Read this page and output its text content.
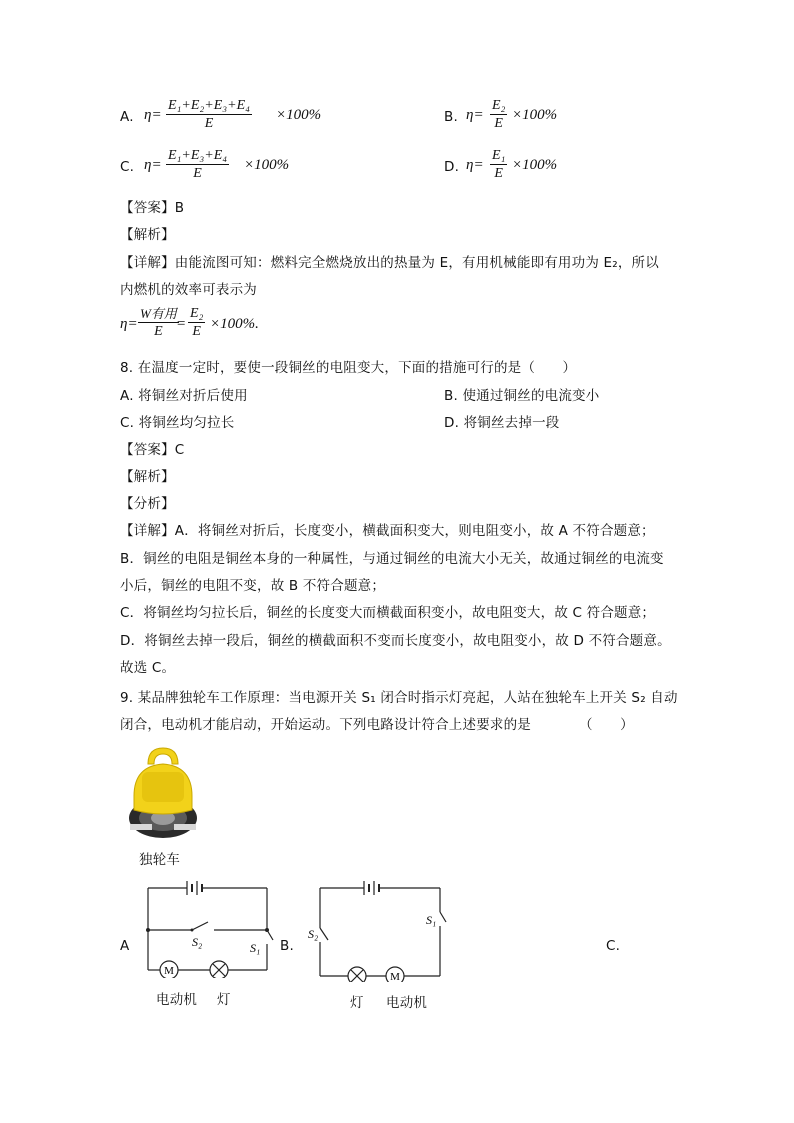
A. η=
E₁+E₂+E₃+E₄
E
×100%	B. η=
E₂
E
×100%
C. η=
E₁+E₃+E₄
E
×100%	D. η=
E₁
E
×100%
【答案】B
【解析】
【详解】由能流图可知：燃料完全燃烧放出的热量为 E，有用机械能即有用功为 E₂，所以
内燃机的效率可表示为
η=
W有用
E =
E₂
E ×100%.
8. 在温度一定时，要使一段铜丝的电阻变大，下面的措施可行的是（　　）
A. 将铜丝对折后使用	B. 使通过铜丝的电流变小
C. 将铜丝均匀拉长	D. 将铜丝去掉一段
【答案】C
【解析】
【分析】
【详解】A．将铜丝对折后，长度变小，横截面积变大，则电阻变小，故 A 不符合题意；
B．铜丝的电阻是铜丝本身的一种属性，与通过铜丝的电流大小无关，故通过铜丝的电流变
小后，铜丝的电阻不变，故 B 不符合题意；
C．将铜丝均匀拉长后，铜丝的长度变大而横截面积变小，故电阻变大，故 C 符合题意；
D．将铜丝去掉一段后，铜丝的横截面积不变而长度变小，故电阻变小，故 D 不符合题意。
故选 C。
9. 某品牌独轮车工作原理：当电源开关 S₁ 闭合时指示灯亮起，人站在独轮车上开关 S₂ 自动
闭合，电动机才能启动，开始运动。下列电路设计符合上述要求的是　　　　（　　）
独轮车
A	B.	C.
M
S₂	S₁
电动机 灯
S₂
S₁
M
灯 电动机
